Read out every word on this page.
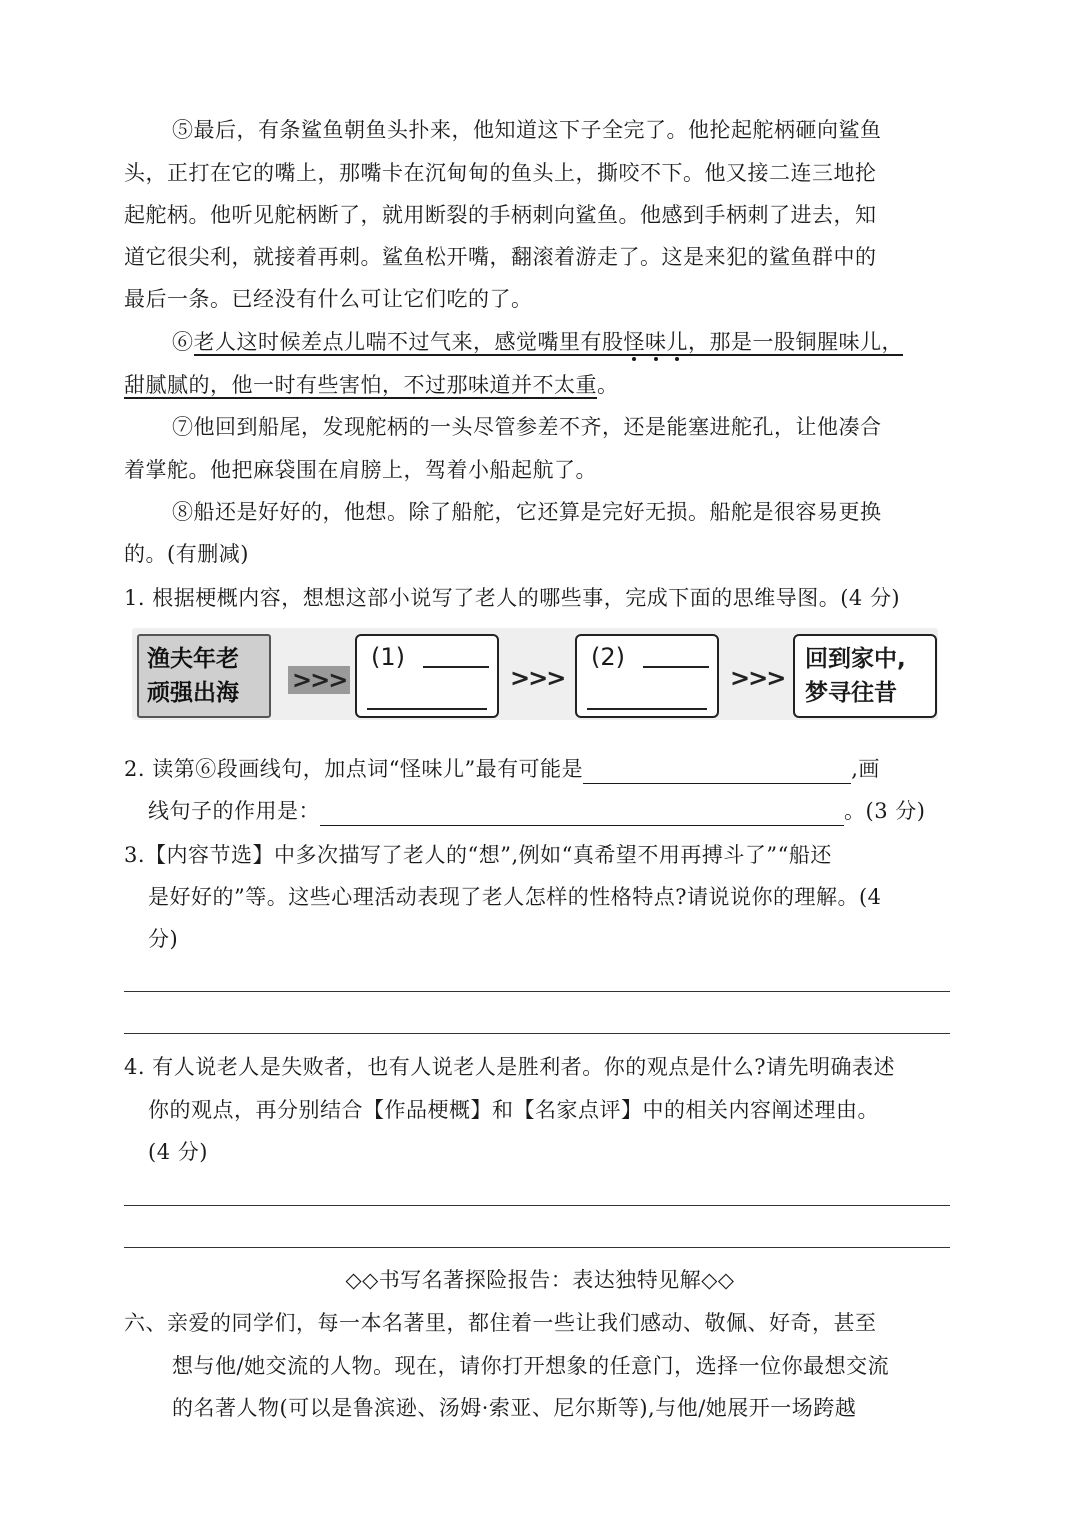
⑤最后，有条鲨鱼朝鱼头扑来，他知道这下子全完了。他抡起舵柄砸向鲨鱼
头，正打在它的嘴上，那嘴卡在沉甸甸的鱼头上，撕咬不下。他又接二连三地抡
起舵柄。他听见舵柄断了，就用断裂的手柄刺向鲨鱼。他感到手柄刺了进去，知
道它很尖利，就接着再刺。鲨鱼松开嘴，翻滚着游走了。这是来犯的鲨鱼群中的
最后一条。已经没有什么可让它们吃的了。
⑥老人这时候差点儿喘不过气来，感觉嘴里有股怪味儿，那是一股铜腥味儿，
甜腻腻的，他一时有些害怕，不过那味道并不太重。
⑦他回到船尾，发现舵柄的一头尽管参差不齐，还是能塞进舵孔，让他凑合
着掌舵。他把麻袋围在肩膀上，驾着小船起航了。
⑧船还是好好的，他想。除了船舵，它还算是完好无损。船舵是很容易更换
的。(有删减)
1. 根据梗概内容，想想这部小说写了老人的哪些事，完成下面的思维导图。(4 分)
渔夫年老
顽强出海 >>>
(1)
>>>
(2)
>>>
回到家中,
梦寻往昔
2. 读第⑥段画线句，加点词“怪味儿”最有可能是	,画
线句子的作用是：	。(3 分)
3.【内容节选】中多次描写了老人的“想”,例如“真希望不用再搏斗了”“船还
是好好的”等。这些心理活动表现了老人怎样的性格特点?请说说你的理解。(4
分)
4. 有人说老人是失败者，也有人说老人是胜利者。你的观点是什么?请先明确表述
你的观点，再分别结合【作品梗概】和【名家点评】中的相关内容阐述理由。
(4 分)
◇◇书写名著探险报告：表达独特见解◇◇
六、亲爱的同学们，每一本名著里，都住着一些让我们感动、敬佩、好奇，甚至
想与他/她交流的人物。现在，请你打开想象的任意门，选择一位你最想交流
的名著人物(可以是鲁滨逊、汤姆·索亚、尼尔斯等),与他/她展开一场跨越
